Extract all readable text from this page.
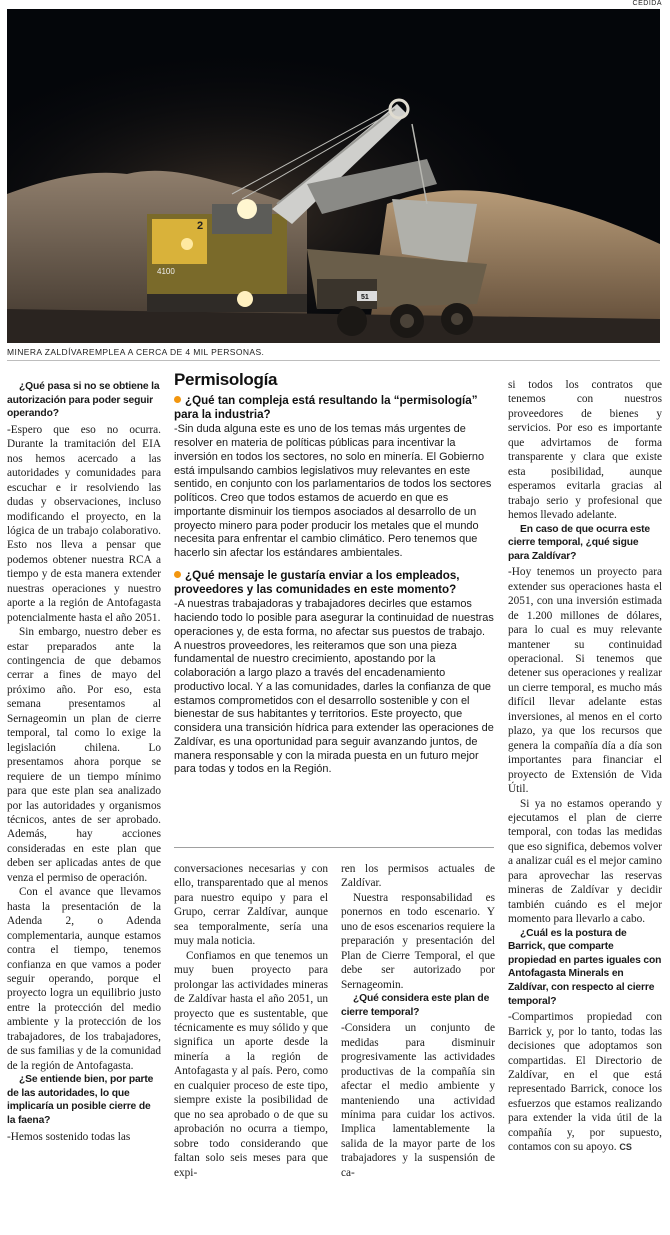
CEDIDA
2
4100
51
MINERA ZALDÍVAREMPLEA A CERCA DE 4 MIL PERSONAS.

¿Qué pasa si no se obtiene la autorización para poder seguir operando?

-Espero que eso no ocurra. Durante la tramitación del EIA nos hemos acercado a las autoridades y comunidades para escuchar e ir resolviendo las dudas y observaciones, incluso modificando el proyecto, en la lógica de un trabajo colaborativo. Esto nos lleva a pensar que podemos obtener nuestra RCA a tiempo y de esta manera extender nuestras operaciones y nuestro aporte a la región de Antofagasta potencialmente hasta el año 2051.

Sin embargo, nuestro deber es estar preparados ante la contingencia de que debamos cerrar a fines de mayo del próximo año. Por eso, esta semana presentamos al Sernageomin un plan de cierre temporal, tal como lo exige la legislación chilena. Lo presentamos ahora porque se requiere de un tiempo mínimo para que este plan sea analizado por las autoridades y organismos técnicos, antes de ser aprobado. Además, hay acciones consideradas en este plan que deben ser aplicadas antes de que venza el permiso de operación.

Con el avance que llevamos hasta la presentación de la Adenda 2, o Adenda complementaria, aunque estamos contra el tiempo, tenemos confianza en que vamos a poder seguir operando, porque el proyecto logra un equilibrio justo entre la protección del medio ambiente y la protección de los trabajadores, de los trabajadores, de sus familias y de la comunidad de la región de Antofagasta.

¿Se entiende bien, por parte de las autoridades, lo que implicaría un posible cierre de la faena?

-Hemos sostenido todas las

Permisología
¿Qué tan compleja está resultando la “permisología” para la industria?
-Sin duda alguna este es uno de los temas más urgentes de resolver en materia de políticas públicas para incentivar la inversión en todos los sectores, no solo en minería. El Gobierno está impulsando cambios legislativos muy relevantes en este sentido, en conjunto con los parlamentarios de todos los sectores políticos. Creo que todos estamos de acuerdo en que es importante disminuir los tiempos asociados al desarrollo de un proyecto minero para poder producir los metales que el mundo necesita para enfrentar el cambio climático. Pero tenemos que hacerlo sin afectar los estándares ambientales.
¿Qué mensaje le gustaría enviar a los empleados, proveedores y las comunidades en este momento?
-A nuestras trabajadoras y trabajadores decirles que estamos haciendo todo lo posible para asegurar la continuidad de nuestras operaciones y, de esta forma, no afectar sus puestos de trabajo. A nuestros proveedores, les reiteramos que son una pieza fundamental de nuestro crecimiento, apostando por la colaboración a largo plazo a través del encadenamiento productivo local. Y a las comunidades, darles la confianza de que estamos comprometidos con el desarrollo sostenible y con el bienestar de sus habitantes y territorios. Este proyecto, que considera una transición hídrica para extender las operaciones de Zaldívar, es una oportunidad para seguir avanzando juntos, de manera responsable y con la mirada puesta en un futuro mejor para todas y todos en la Región.

conversaciones necesarias y con ello, transparentado que al menos para nuestro equipo y para el Grupo, cerrar Zaldívar, aunque sea temporalmente, sería una muy mala noticia.

Confiamos en que tenemos un muy buen proyecto para prolongar las actividades mineras de Zaldívar hasta el año 2051, un proyecto que es sustentable, que técnicamente es muy sólido y que significa un aporte desde la minería a la región de Antofagasta y al país. Pero, como en cualquier proceso de este tipo, siempre existe la posibilidad de que no sea aprobado o de que su aprobación no ocurra a tiempo, sobre todo considerando que faltan solo seis meses para que expi-

ren los permisos actuales de Zaldívar.

Nuestra responsabilidad es ponernos en todo escenario. Y uno de esos escenarios requiere la preparación y presentación del Plan de Cierre Temporal, el que debe ser autorizado por Sernageomin.

¿Qué considera este plan de cierre temporal?

-Considera un conjunto de medidas para disminuir progresivamente las actividades productivas de la compañía sin afectar el medio ambiente y manteniendo una actividad mínima para cuidar los activos. Implica lamentablemente la salida de la mayor parte de los trabajadores y la suspensión de ca-

si todos los contratos que tenemos con nuestros proveedores de bienes y servicios. Por eso es importante que advirtamos de forma transparente y clara que existe esta posibilidad, aunque esperamos evitarla gracias al trabajo serio y profesional que hemos llevado adelante.

En caso de que ocurra este cierre temporal, ¿qué sigue para Zaldívar?

-Hoy tenemos un proyecto para extender sus operaciones hasta el 2051, con una inversión estimada de 1.200 millones de dólares, para lo cual es muy relevante mantener su continuidad operacional. Si tenemos que detener sus operaciones y realizar un cierre temporal, es mucho más difícil llevar adelante estas inversiones, al menos en el corto plazo, ya que los recursos que genera la compañía día a día son importantes para financiar el proyecto de Extensión de Vida Útil.

Si ya no estamos operando y ejecutamos el plan de cierre temporal, con todas las medidas que eso significa, debemos volver a analizar cuál es el mejor camino para aprovechar las reservas mineras de Zaldívar y decidir también cuándo es el mejor momento para llevarlo a cabo.

¿Cuál es la postura de Barrick, que comparte propiedad en partes iguales con Antofagasta Minerals en Zaldívar, con respecto al cierre temporal?

-Compartimos propiedad con Barrick y, por lo tanto, todas las decisiones que adoptamos son compartidas. El Directorio de Zaldívar, en el que está representado Barrick, conoce los esfuerzos que estamos realizando para extender la vida útil de la compañía y, por supuesto, contamos con su apoyo. CS
